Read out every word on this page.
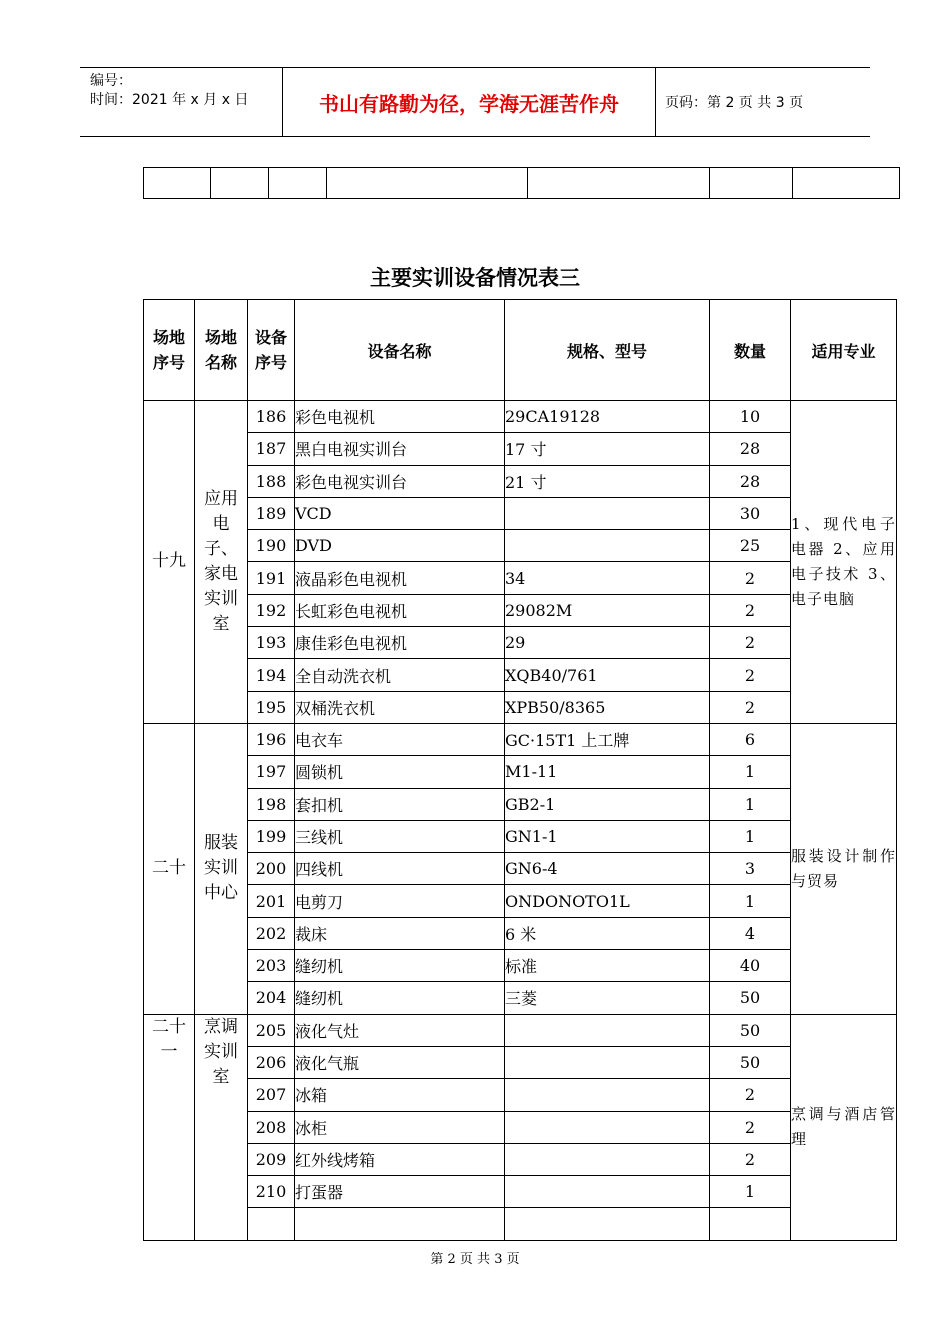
编号：
时间：2021 年 x 月 x 日	书山有路勤为径，学海无涯苦作舟	页码：第 2 页 共 3 页

主要实训设备情况表三
场地序号	场地名称	设备序号	设备名称	规格、型号	数量	适用专业
十九	应用电子、家电实训室	186	彩色电视机	29CA19128	10	1、现代电子电器 2、应用电子技术 3、电子电脑
		187	黑白电视实训台	17 寸	28	
		188	彩色电视实训台	21 寸	28	
		189	VCD		30	
		190	DVD		25	
		191	液晶彩色电视机	34	2	
		192	长虹彩色电视机	29082M	2	
		193	康佳彩色电视机	29	2	
		194	全自动洗衣机	XQB40/761	2	
		195	双桶洗衣机	XPB50/8365	2	
二十	服装实训中心	196	电衣车	GC·15T1 上工牌	6	服装设计制作与贸易
		197	圆锁机	M1-11	1	
		198	套扣机	GB2-1	1	
		199	三线机	GN1-1	1	
		200	四线机	GN6-4	3	
		201	电剪刀	ONDONOTO1L	1	
		202	裁床	6 米	4	
		203	缝纫机	标准	40	
		204	缝纫机	三菱	50	
二十一	烹调实训室	205	液化气灶		50	烹调与酒店管理
		206	液化气瓶		50	
		207	冰箱		2	
		208	冰柜		2	
		209	红外线烤箱		2	
		210	打蛋器		1	

第 2 页 共 3 页
